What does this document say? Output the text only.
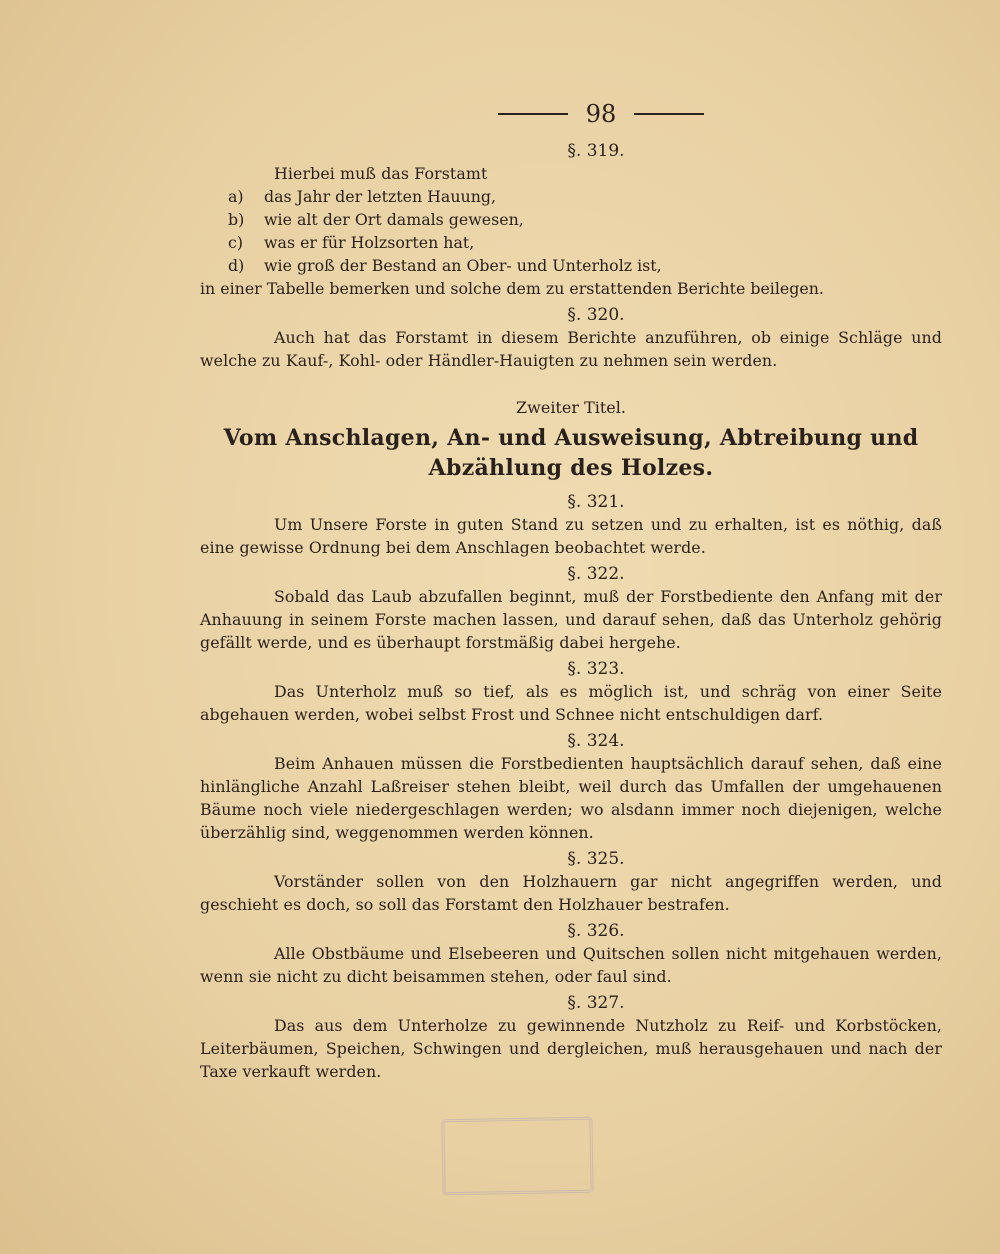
98
§. 319.

Hierbei muß das Forstamt

a) das Jahr der letzten Hauung,
b) wie alt der Ort damals gewesen,
c) was er für Holzsorten hat,
d) wie groß der Bestand an Ober- und Unterholz ist,
in einer Tabelle bemerken und solche dem zu erstattenden Berichte beilegen.
§. 320.

Auch hat das Forstamt in diesem Berichte anzuführen, ob einige Schläge und welche zu Kauf-, Kohl- oder Händler-Hauigten zu nehmen sein werden.

Zweiter Titel.
Vom Anschlagen, An- und Ausweisung, Abtreibung und Abzählung des Holzes.
§. 321.

Um Unsere Forste in guten Stand zu setzen und zu erhalten, ist es nöthig, daß eine gewisse Ordnung bei dem Anschlagen beobachtet werde.

§. 322.

Sobald das Laub abzufallen beginnt, muß der Forstbediente den Anfang mit der Anhauung in seinem Forste machen lassen, und darauf sehen, daß das Unterholz gehörig gefällt werde, und es überhaupt forstmäßig dabei hergehe.

§. 323.

Das Unterholz muß so tief, als es möglich ist, und schräg von einer Seite abgehauen werden, wobei selbst Frost und Schnee nicht entschuldigen darf.

§. 324.

Beim Anhauen müssen die Forstbedienten hauptsächlich darauf sehen, daß eine hinlängliche Anzahl Laßreiser stehen bleibt, weil durch das Umfallen der umgehauenen Bäume noch viele niedergeschlagen werden; wo alsdann immer noch diejenigen, welche überzählig sind, weggenommen werden können.

§. 325.

Vorständer sollen von den Holzhauern gar nicht angegriffen werden, und geschieht es doch, so soll das Forstamt den Holzhauer bestrafen.

§. 326.

Alle Obstbäume und Elsebeeren und Quitschen sollen nicht mitgehauen werden, wenn sie nicht zu dicht beisammen stehen, oder faul sind.

§. 327.

Das aus dem Unterholze zu gewinnende Nutzholz zu Reif- und Korbstöcken, Leiterbäumen, Speichen, Schwingen und dergleichen, muß herausgehauen und nach der Taxe verkauft werden.
